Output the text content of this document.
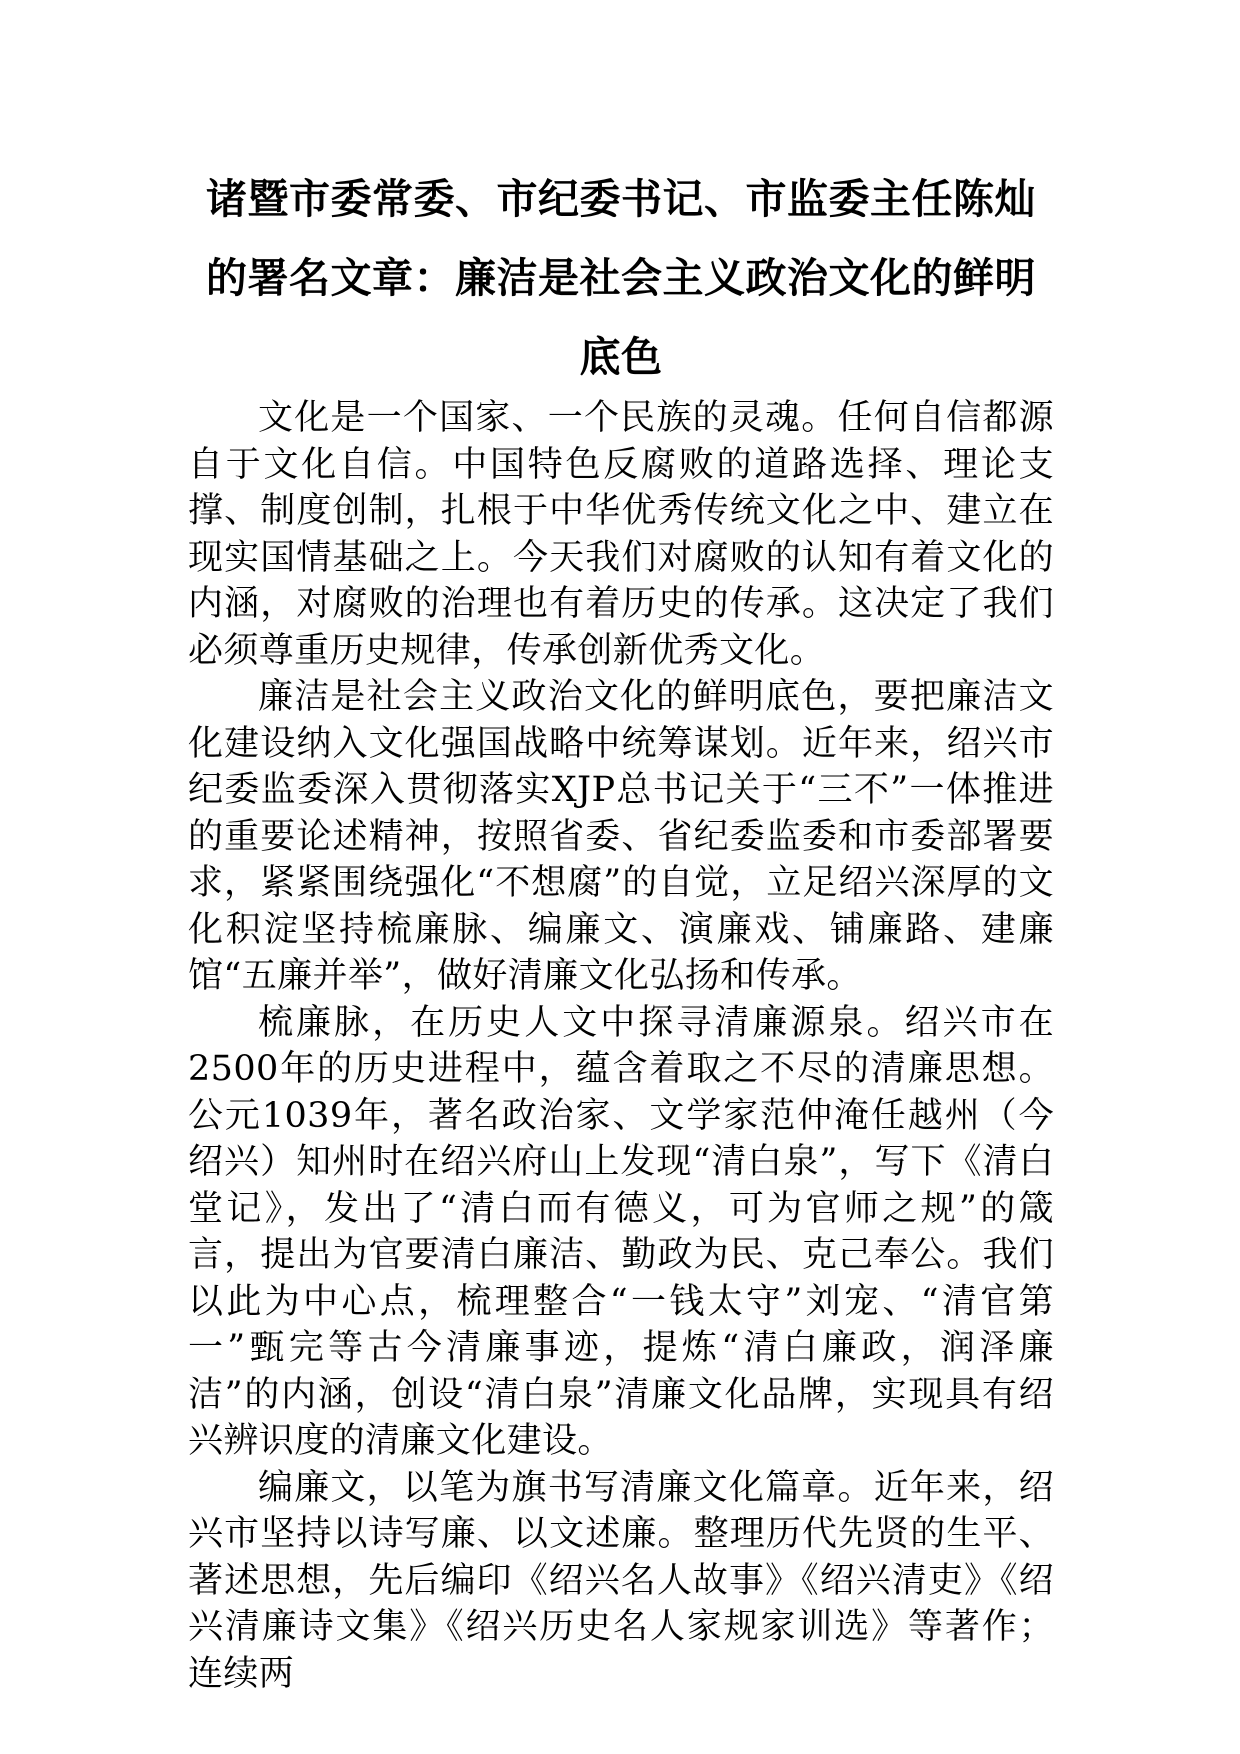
诸暨市委常委、市纪委书记、市监委主任陈灿的署名文章：廉洁是社会主义政治文化的鲜明底色

文化是一个国家、一个民族的灵魂。任何自信都源自于文化自信。中国特色反腐败的道路选择、理论支撑、制度创制，扎根于中华优秀传统文化之中、建立在现实国情基础之上。今天我们对腐败的认知有着文化的内涵，对腐败的治理也有着历史的传承。这决定了我们必须尊重历史规律，传承创新优秀文化。

廉洁是社会主义政治文化的鲜明底色，要把廉洁文化建设纳入文化强国战略中统筹谋划。近年来，绍兴市纪委监委深入贯彻落实XJP总书记关于“三不”一体推进的重要论述精神，按照省委、省纪委监委和市委部署要求，紧紧围绕强化“不想腐”的自觉，立足绍兴深厚的文化积淀坚持梳廉脉、编廉文、演廉戏、铺廉路、建廉馆“五廉并举”，做好清廉文化弘扬和传承。

梳廉脉，在历史人文中探寻清廉源泉。绍兴市在2500年的历史进程中，蕴含着取之不尽的清廉思想。公元1039年，著名政治家、文学家范仲淹任越州（今绍兴）知州时在绍兴府山上发现“清白泉”，写下《清白堂记》，发出了“清白而有德义，可为官师之规”的箴言，提出为官要清白廉洁、勤政为民、克己奉公。我们以此为中心点，梳理整合“一钱太守”刘宠、“清官第一”甄完等古今清廉事迹，提炼“清白廉政，润泽廉洁”的内涵，创设“清白泉”清廉文化品牌，实现具有绍兴辨识度的清廉文化建设。

编廉文，以笔为旗书写清廉文化篇章。近年来，绍兴市坚持以诗写廉、以文述廉。整理历代先贤的生平、著述思想，先后编印《绍兴名人故事》《绍兴清吏》《绍兴清廉诗文集》《绍兴历史名人家规家训选》等著作；连续两
